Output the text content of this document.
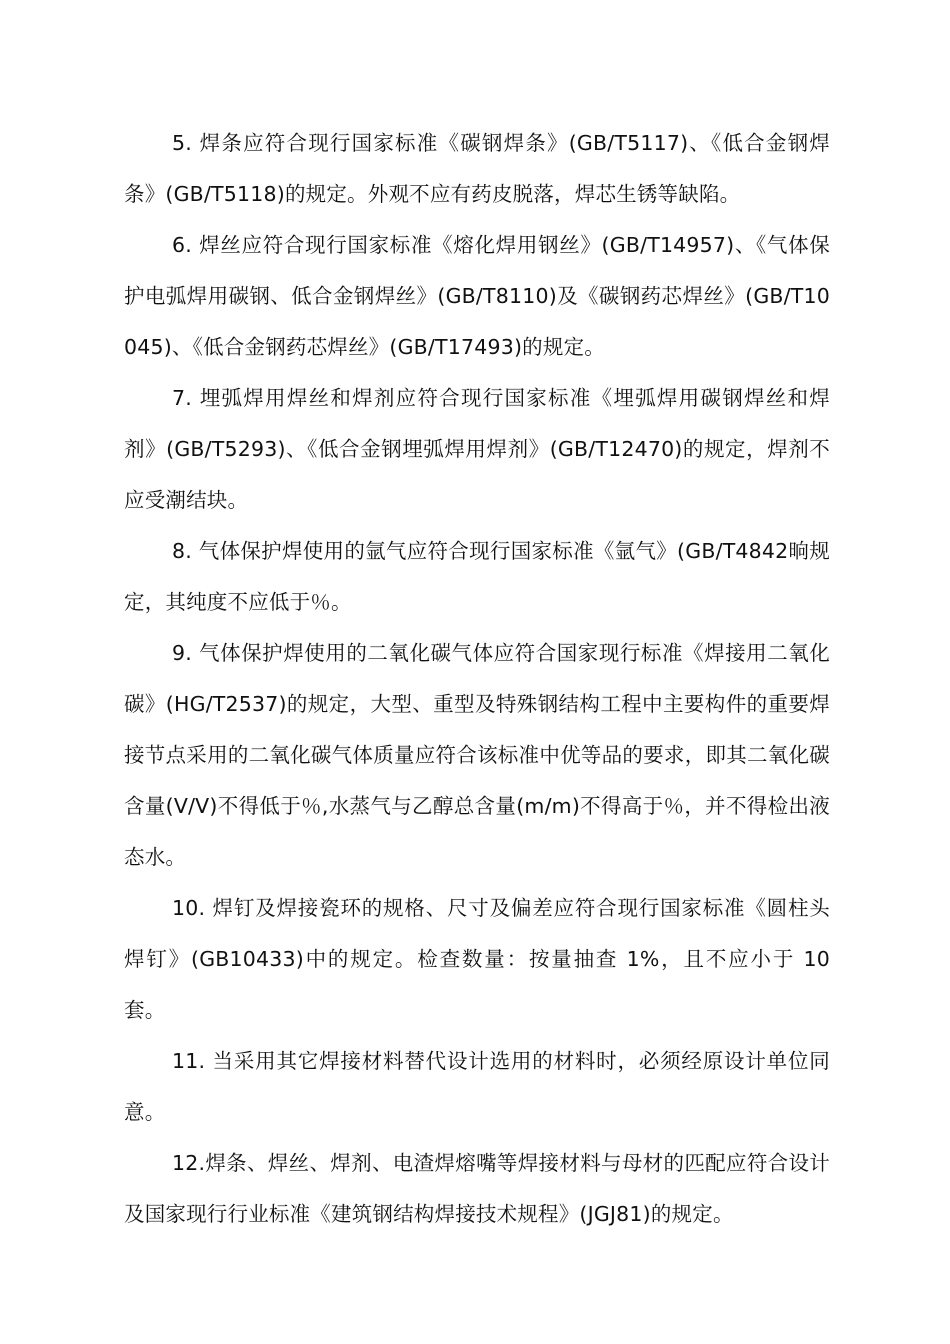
5. 焊条应符合现行国家标准《碳钢焊条》(GB/T5117)、《低合金钢焊条》(GB/T5118)的规定。外观不应有药皮脱落，焊芯生锈等缺陷。

6. 焊丝应符合现行国家标准《熔化焊用钢丝》(GB/T14957)、《气体保护电弧焊用碳钢、低合金钢焊丝》(GB/T8110)及《碳钢药芯焊丝》(GB/T10045)、《低合金钢药芯焊丝》(GB/T17493)的规定。

7. 埋弧焊用焊丝和焊剂应符合现行国家标准《埋弧焊用碳钢焊丝和焊剂》(GB/T5293)、《低合金钢埋弧焊用焊剂》(GB/T12470)的规定，焊剂不应受潮结块。

8. 气体保护焊使用的氩气应符合现行国家标准《氩气》(GB/T4842晌规定，其纯度不应低于％。

9. 气体保护焊使用的二氧化碳气体应符合国家现行标准《焊接用二氧化碳》(HG/T2537)的规定，大型、重型及特殊钢结构工程中主要构件的重要焊接节点采用的二氧化碳气体质量应符合该标准中优等品的要求，即其二氧化碳含量(V/V)不得低于％,水蒸气与乙醇总含量(m/m)不得高于％，并不得检出液态水。

10. 焊钉及焊接瓷环的规格、尺寸及偏差应符合现行国家标准《圆柱头焊钉》(GB10433)中的规定。检查数量：按量抽查 1%，且不应小于 10 套。

11. 当采用其它焊接材料替代设计选用的材料时，必须经原设计单位同意。

12.焊条、焊丝、焊剂、电渣焊熔嘴等焊接材料与母材的匹配应符合设计及国家现行行业标准《建筑钢结构焊接技术规程》(JGJ81)的规定。
